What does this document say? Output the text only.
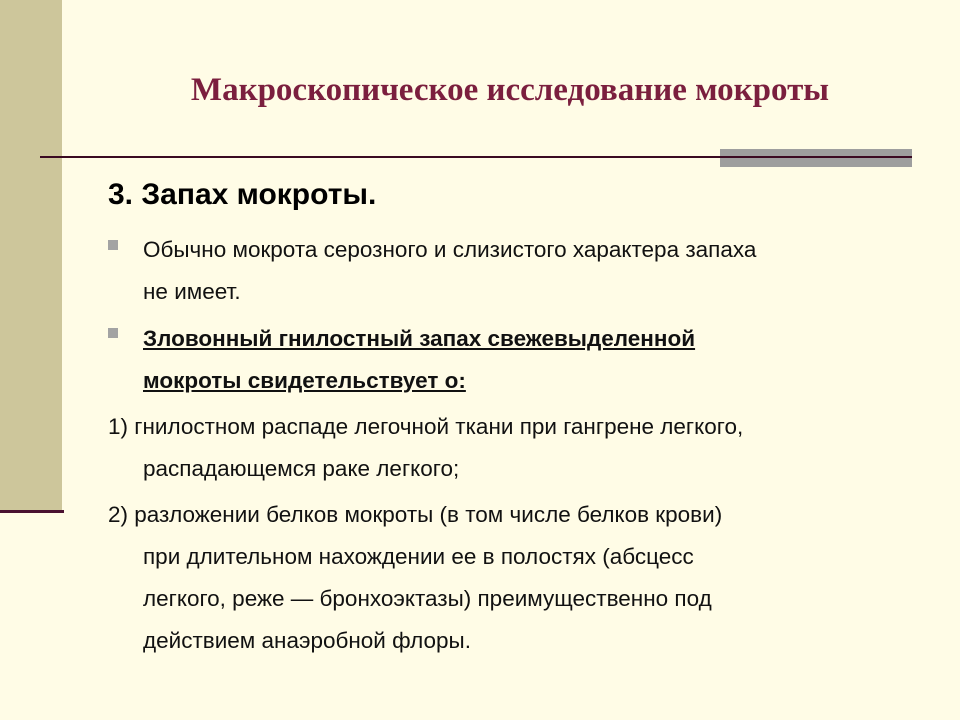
Макроскопическое исследование мокроты
3. Запах мокроты.
Обычно мокрота серозного и слизистого характера запаха
не имеет.
Зловонный гнилостный запах свежевыделенной
мокроты свидетельствует о:
1) гнилостном распаде легочной ткани при гангрене легкого,
распадающемся раке легкого;
2) разложении белков мокроты (в том числе белков крови)
при длительном нахождении ее в полостях (абсцесс
легкого, реже — бронхоэктазы) преимущественно под
действием анаэробной флоры.
